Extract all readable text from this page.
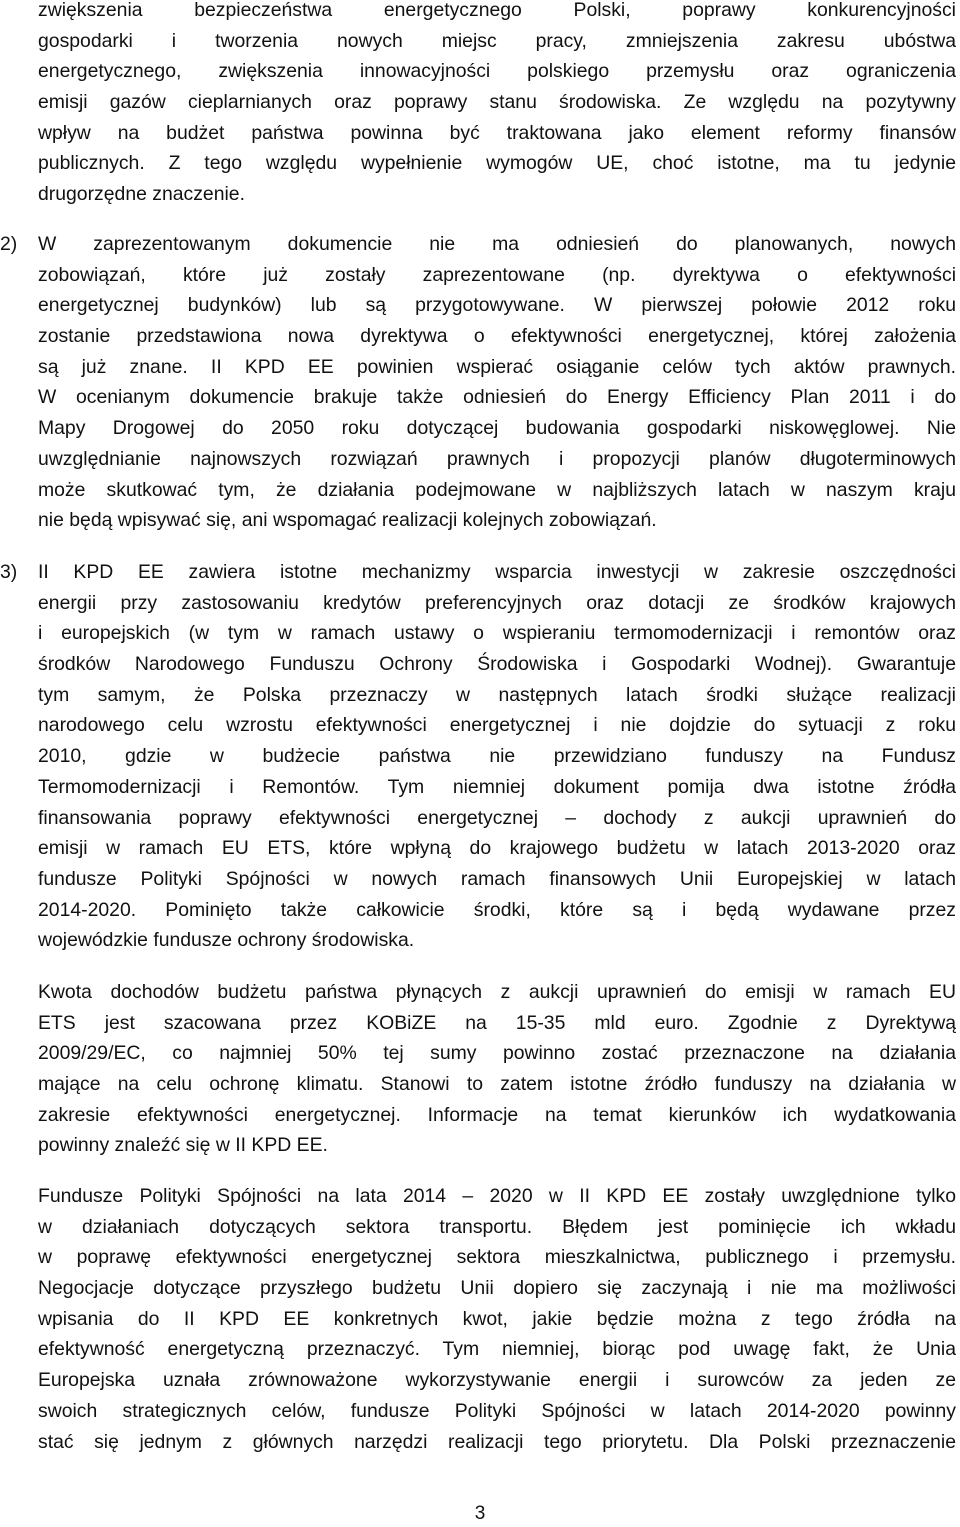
zwiększenia bezpieczeństwa energetycznego Polski, poprawy konkurencyjności
gospodarki i tworzenia nowych miejsc pracy, zmniejszenia zakresu ubóstwa
energetycznego, zwiększenia innowacyjności polskiego przemysłu oraz ograniczenia
emisji gazów cieplarnianych oraz poprawy stanu środowiska. Ze względu na pozytywny
wpływ na budżet państwa powinna być traktowana jako element reformy finansów
publicznych. Z tego względu wypełnienie wymogów UE, choć istotne, ma tu jedynie
drugorzędne znaczenie.
2)	W zaprezentowanym dokumencie nie ma odniesień do planowanych, nowych
zobowiązań, które już zostały zaprezentowane (np. dyrektywa o efektywności
energetycznej budynków) lub są przygotowywane. W pierwszej połowie 2012 roku
zostanie przedstawiona nowa dyrektywa o efektywności energetycznej, której założenia
są już znane. II KPD EE powinien wspierać osiąganie celów tych aktów prawnych.
W ocenianym dokumencie brakuje także odniesień do Energy Efficiency Plan 2011 i do
Mapy Drogowej do 2050 roku dotyczącej budowania gospodarki niskowęglowej. Nie
uwzględnianie najnowszych rozwiązań prawnych i propozycji planów długoterminowych
może skutkować tym, że działania podejmowane w najbliższych latach w naszym kraju
nie będą wpisywać się, ani wspomagać realizacji kolejnych zobowiązań.
3)	II KPD EE zawiera istotne mechanizmy wsparcia inwestycji w zakresie oszczędności
energii przy zastosowaniu kredytów preferencyjnych oraz dotacji ze środków krajowych
i europejskich (w tym w ramach ustawy o wspieraniu termomodernizacji i remontów oraz
środków Narodowego Funduszu Ochrony Środowiska i Gospodarki Wodnej). Gwarantuje
tym samym, że Polska przeznaczy w następnych latach środki służące realizacji
narodowego celu wzrostu efektywności energetycznej i nie dojdzie do sytuacji z roku
2010, gdzie w budżecie państwa nie przewidziano funduszy na Fundusz
Termomodernizacji i Remontów. Tym niemniej dokument pomija dwa istotne źródła
finansowania poprawy efektywności energetycznej – dochody z aukcji uprawnień do
emisji w ramach EU ETS, które wpłyną do krajowego budżetu w latach 2013-2020 oraz
fundusze Polityki Spójności w nowych ramach finansowych Unii Europejskiej w latach
2014-2020. Pominięto także całkowicie środki, które są i będą wydawane przez
wojewódzkie fundusze ochrony środowiska.
Kwota dochodów budżetu państwa płynących z aukcji uprawnień do emisji w ramach EU
ETS jest szacowana przez KOBiZE na 15-35 mld euro. Zgodnie z Dyrektywą
2009/29/EC, co najmniej 50% tej sumy powinno zostać przeznaczone na działania
mające na celu ochronę klimatu. Stanowi to zatem istotne źródło funduszy na działania w
zakresie efektywności energetycznej. Informacje na temat kierunków ich wydatkowania
powinny znaleźć się w II KPD EE.
Fundusze Polityki Spójności na lata 2014 – 2020 w II KPD EE zostały uwzględnione tylko
w działaniach dotyczących sektora transportu. Błędem jest pominięcie ich wkładu
w poprawę efektywności energetycznej sektora mieszkalnictwa, publicznego i przemysłu.
Negocjacje dotyczące przyszłego budżetu Unii dopiero się zaczynają i nie ma możliwości
wpisania do II KPD EE konkretnych kwot, jakie będzie można z tego źródła na
efektywność energetyczną przeznaczyć. Tym niemniej, biorąc pod uwagę fakt, że Unia
Europejska uznała zrównoważone wykorzystywanie energii i surowców za jeden ze
swoich strategicznych celów, fundusze Polityki Spójności w latach 2014-2020 powinny
stać się jednym z głównych narzędzi realizacji tego priorytetu. Dla Polski przeznaczenie
3
